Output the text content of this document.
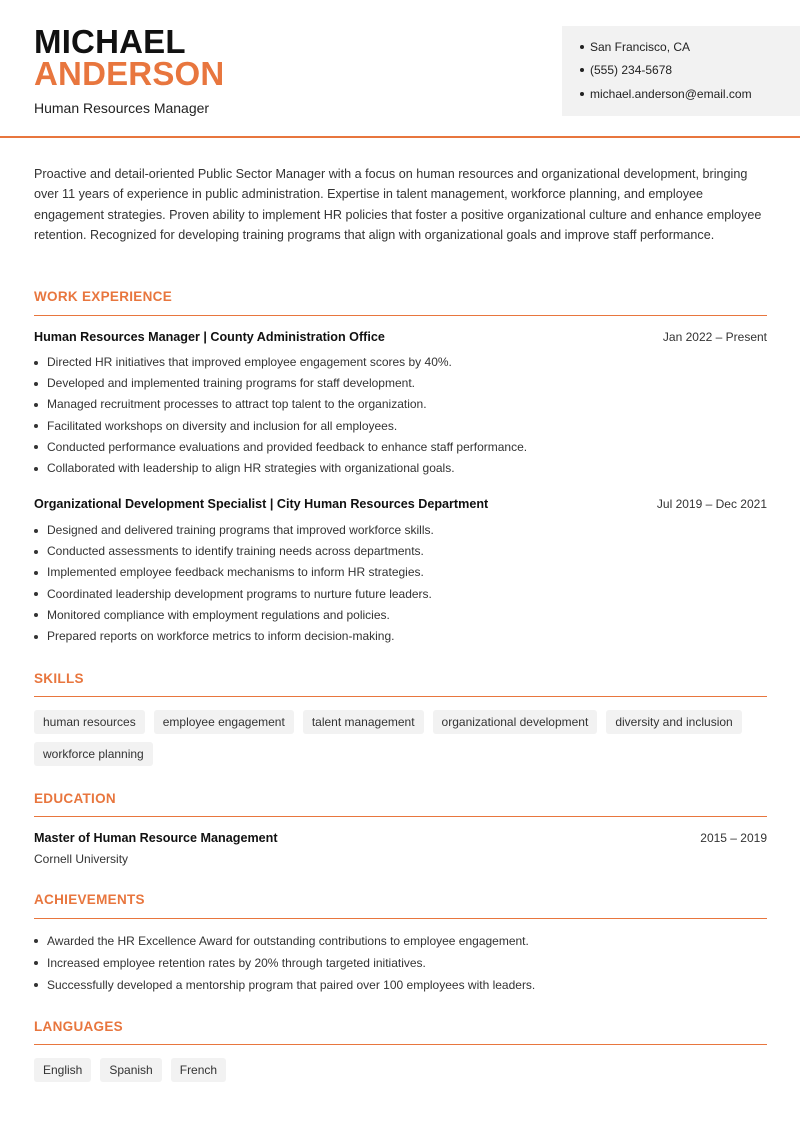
MICHAEL
ANDERSON
Human Resources Manager
San Francisco, CA
(555) 234-5678
michael.anderson@email.com
Proactive and detail-oriented Public Sector Manager with a focus on human resources and organizational development, bringing over 11 years of experience in public administration. Expertise in talent management, workforce planning, and employee engagement strategies. Proven ability to implement HR policies that foster a positive organizational culture and enhance employee retention. Recognized for developing training programs that align with organizational goals and improve staff performance.
WORK EXPERIENCE
Human Resources Manager | County Administration Office	Jan 2022 – Present
Directed HR initiatives that improved employee engagement scores by 40%.
Developed and implemented training programs for staff development.
Managed recruitment processes to attract top talent to the organization.
Facilitated workshops on diversity and inclusion for all employees.
Conducted performance evaluations and provided feedback to enhance staff performance.
Collaborated with leadership to align HR strategies with organizational goals.
Organizational Development Specialist | City Human Resources Department	Jul 2019 – Dec 2021
Designed and delivered training programs that improved workforce skills.
Conducted assessments to identify training needs across departments.
Implemented employee feedback mechanisms to inform HR strategies.
Coordinated leadership development programs to nurture future leaders.
Monitored compliance with employment regulations and policies.
Prepared reports on workforce metrics to inform decision-making.
SKILLS
human resources	employee engagement	talent management	organizational development	diversity and inclusion
workforce planning
EDUCATION
Master of Human Resource Management	2015 – 2019
Cornell University
ACHIEVEMENTS
Awarded the HR Excellence Award for outstanding contributions to employee engagement.
Increased employee retention rates by 20% through targeted initiatives.
Successfully developed a mentorship program that paired over 100 employees with leaders.
LANGUAGES
English	Spanish	French
